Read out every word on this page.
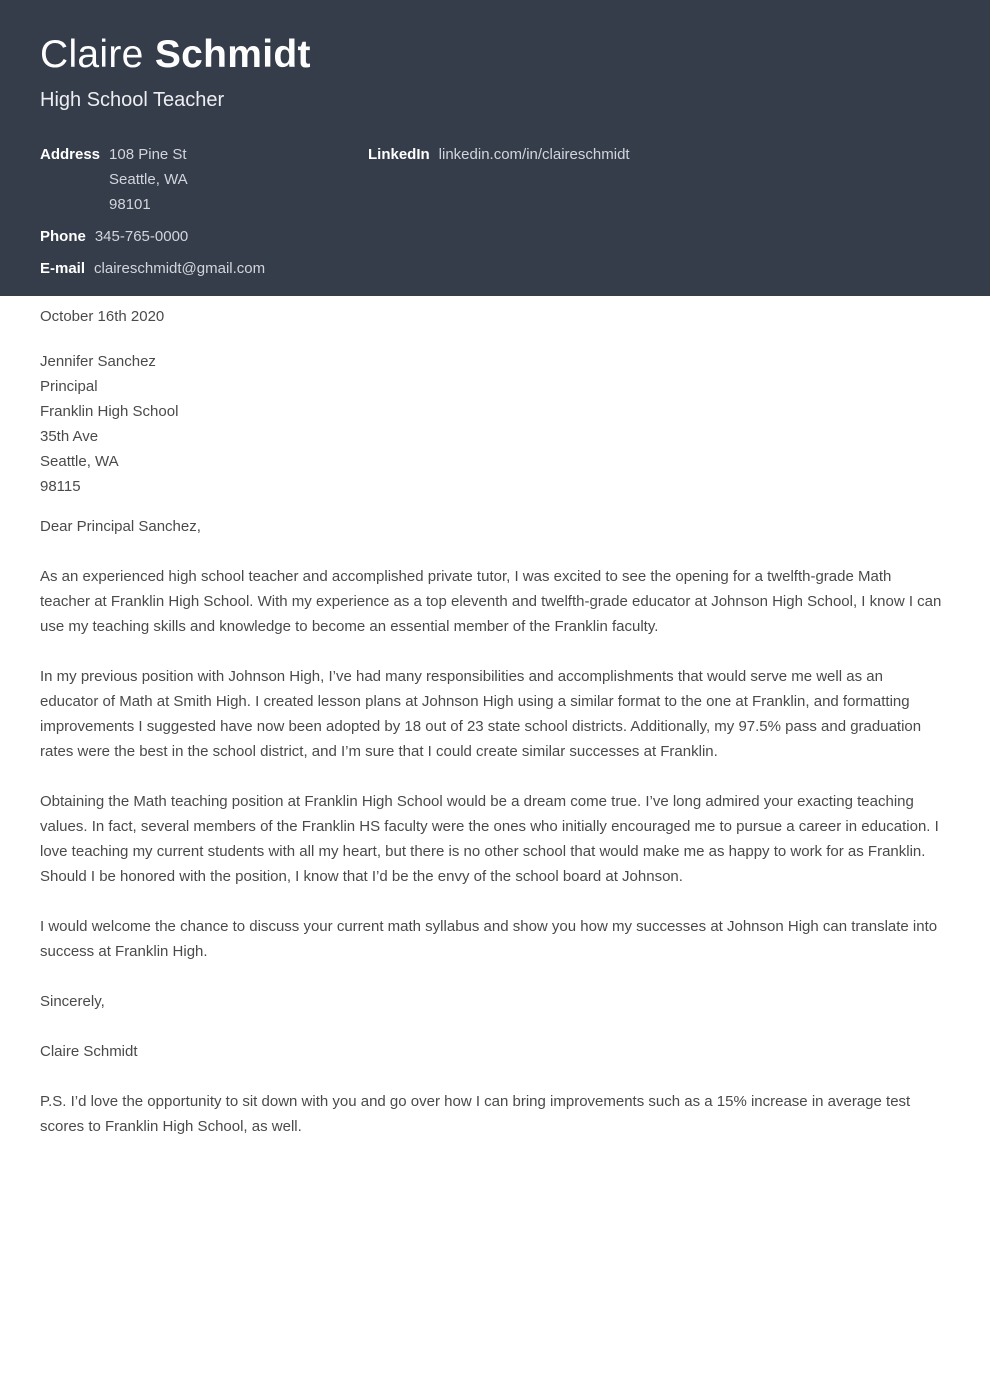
Claire Schmidt
High School Teacher
Address 108 Pine St
Seattle, WA
98101
Phone 345-765-0000
E-mail claireschmidt@gmail.com
LinkedIn linkedin.com/in/claireschmidt

October 16th 2020

Jennifer Sanchez

Principal

Franklin High School

35th Ave

Seattle, WA

98115

Dear Principal Sanchez,

As an experienced high school teacher and accomplished private tutor, I was excited to see the opening for a twelfth-grade Math teacher at Franklin High School. With my experience as a top eleventh and twelfth-grade educator at Johnson High School, I know I can use my teaching skills and knowledge to become an essential member of the Franklin faculty.

In my previous position with Johnson High, I’ve had many responsibilities and accomplishments that would serve me well as an educator of Math at Smith High. I created lesson plans at Johnson High using a similar format to the one at Franklin, and formatting improvements I suggested have now been adopted by 18 out of 23 state school districts. Additionally, my 97.5% pass and graduation rates were the best in the school district, and I’m sure that I could create similar successes at Franklin.

Obtaining the Math teaching position at Franklin High School would be a dream come true. I’ve long admired your exacting teaching values. In fact, several members of the Franklin HS faculty were the ones who initially encouraged me to pursue a career in education. I love teaching my current students with all my heart, but there is no other school that would make me as happy to work for as Franklin. Should I be honored with the position, I know that I’d be the envy of the school board at Johnson.

I would welcome the chance to discuss your current math syllabus and show you how my successes at Johnson High can translate into success at Franklin High.

Sincerely,

Claire Schmidt

P.S. I’d love the opportunity to sit down with you and go over how I can bring improvements such as a 15% increase in average test scores to Franklin High School, as well.
